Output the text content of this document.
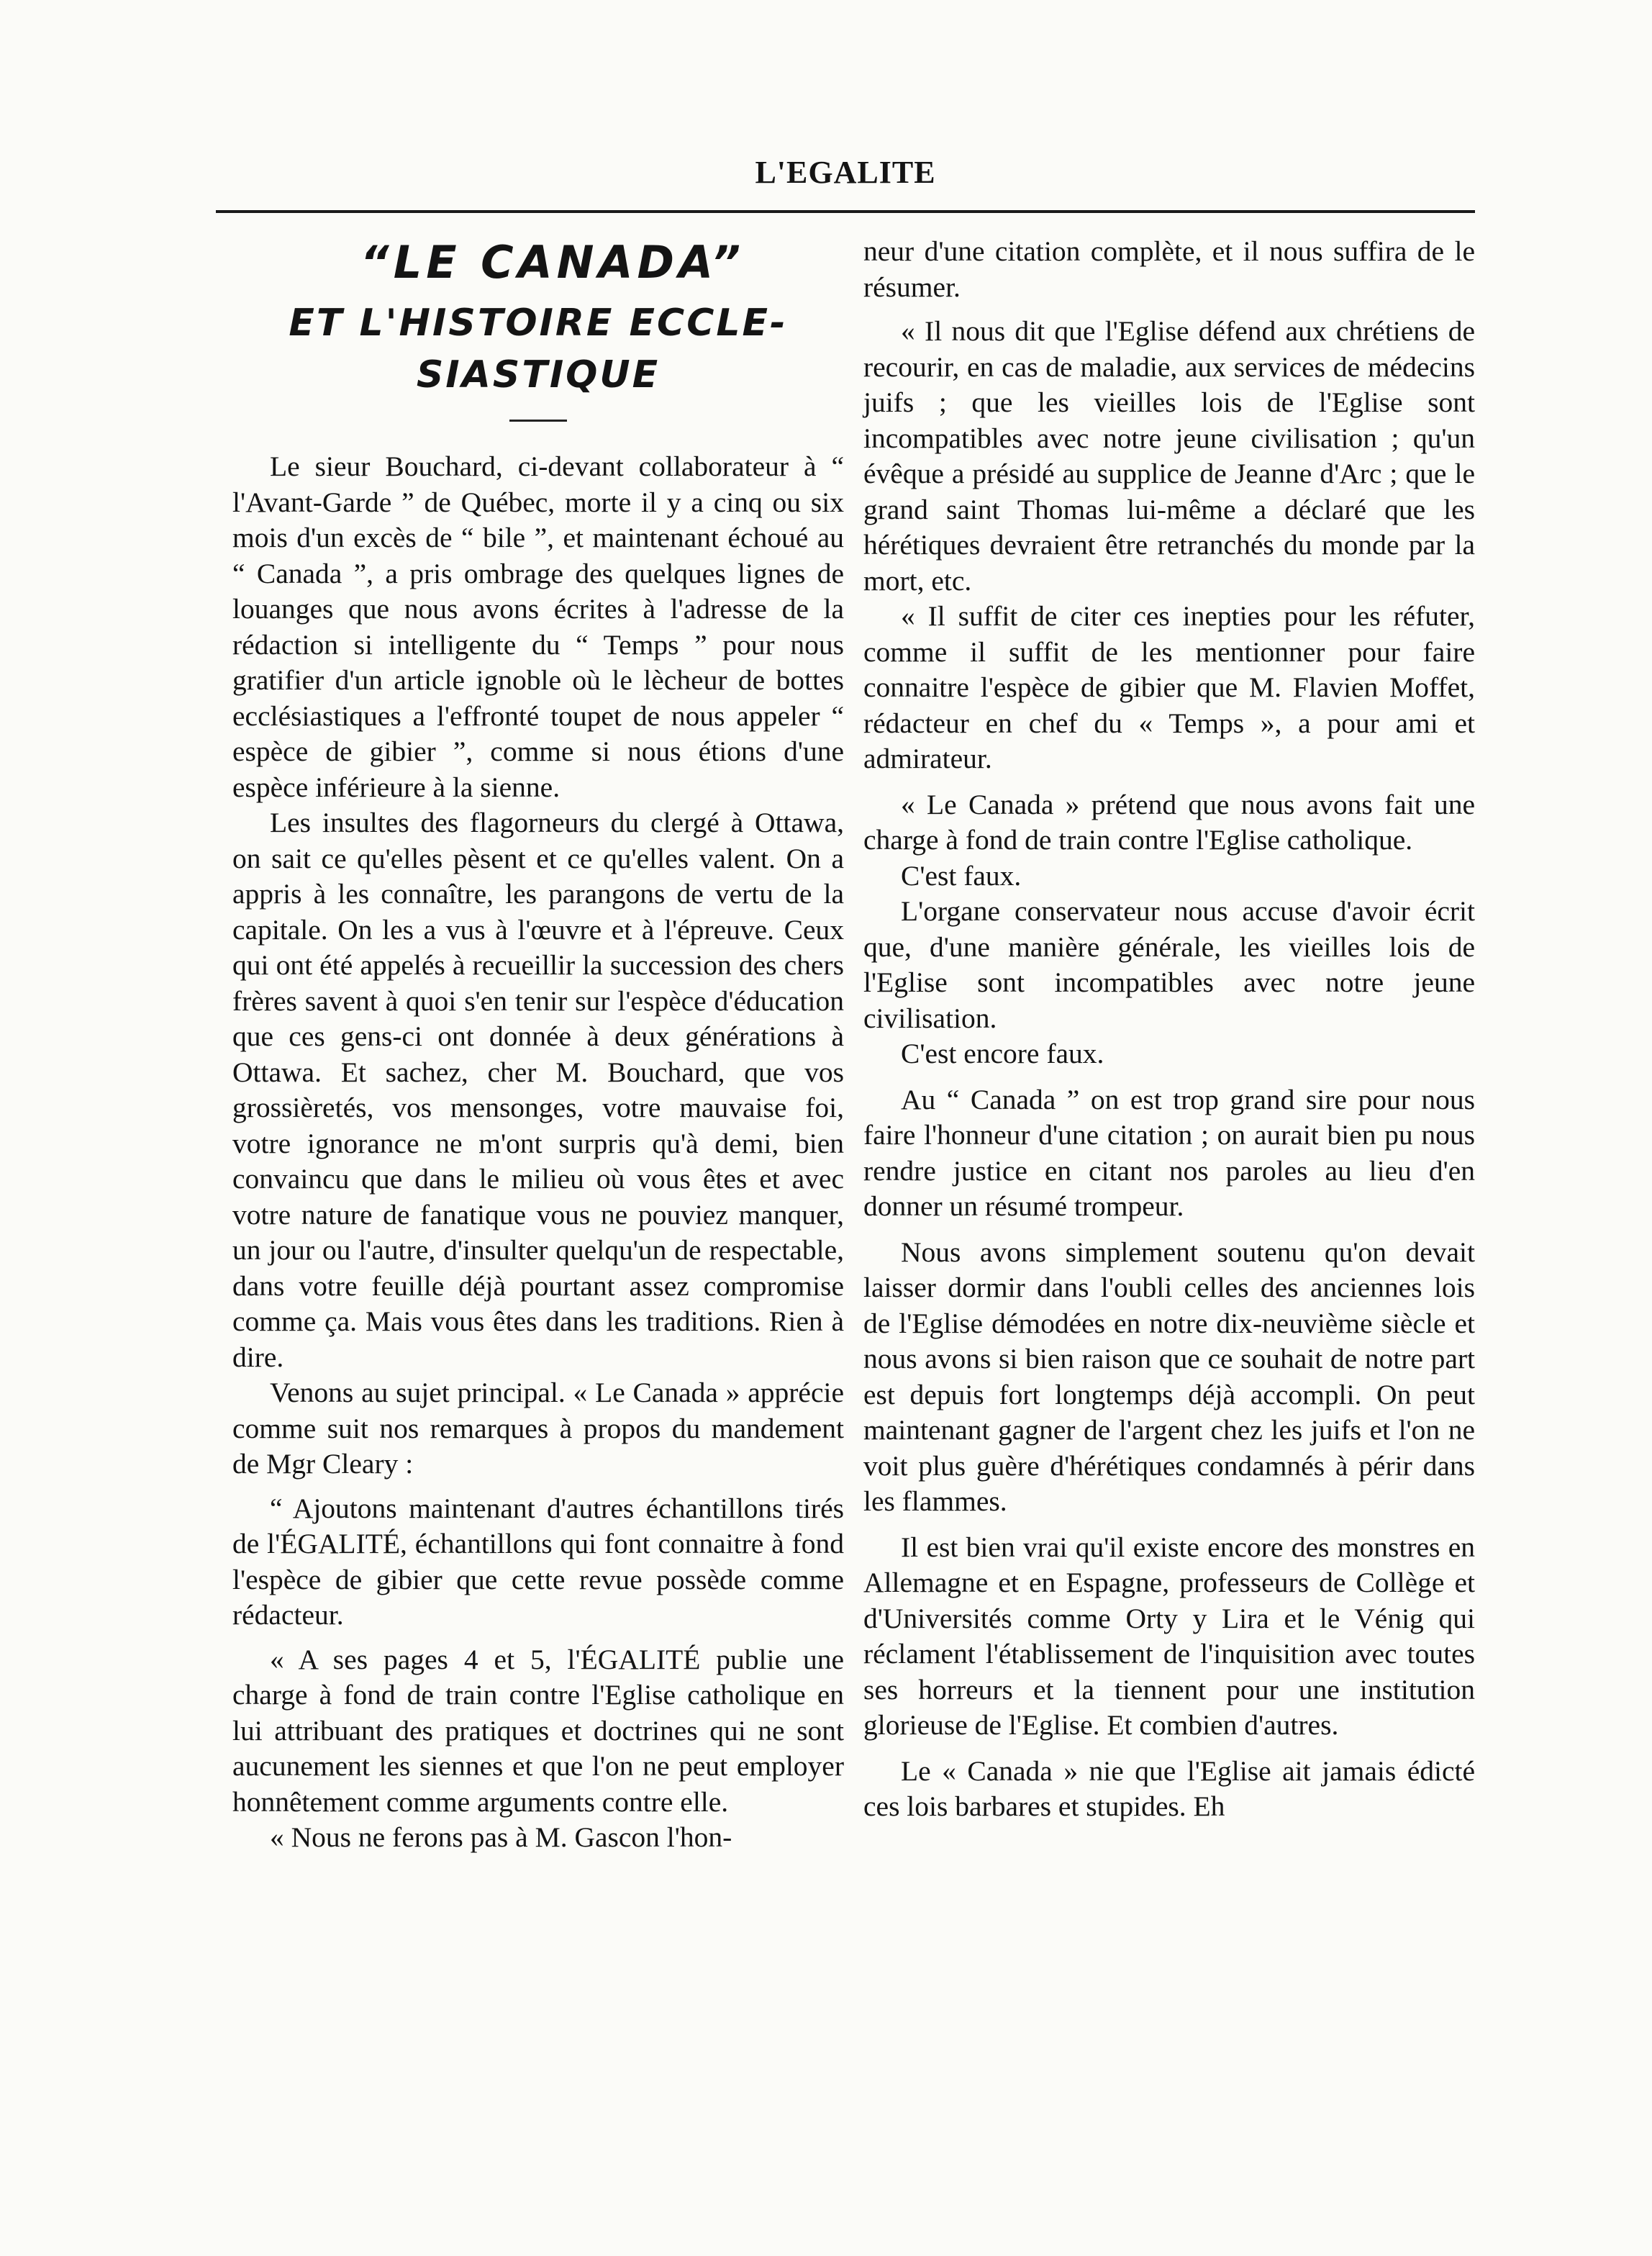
L'EGALITE
“LE CANADA”
ET L'HISTOIRE ECCLE-
SIASTIQUE

Le sieur Bouchard, ci-devant collaborateur à “ l'Avant-Garde ” de Québec, morte il y a cinq ou six mois d'un excès de “ bile ”, et maintenant échoué au “ Canada ”, a pris ombrage des quelques lignes de louanges que nous avons écrites à l'adresse de la rédaction si intelligente du “ Temps ” pour nous gratifier d'un article ignoble où le lècheur de bottes ecclésiastiques a l'effronté toupet de nous appeler “ espèce de gibier ”, comme si nous étions d'une espèce inférieure à la sienne.

Les insultes des flagorneurs du clergé à Ottawa, on sait ce qu'elles pèsent et ce qu'elles valent. On a appris à les connaître, les parangons de vertu de la capitale. On les a vus à l'œuvre et à l'épreuve. Ceux qui ont été appelés à recueillir la succession des chers frères savent à quoi s'en tenir sur l'espèce d'éducation que ces gens-ci ont donnée à deux générations à Ottawa. Et sachez, cher M. Bouchard, que vos grossièretés, vos mensonges, votre mauvaise foi, votre ignorance ne m'ont surpris qu'à demi, bien convaincu que dans le milieu où vous êtes et avec votre nature de fanatique vous ne pouviez manquer, un jour ou l'autre, d'insulter quelqu'un de respectable, dans votre feuille déjà pourtant assez compromise comme ça. Mais vous êtes dans les traditions. Rien à dire.

Venons au sujet principal. « Le Canada » apprécie comme suit nos remarques à propos du mandement de Mgr Cleary :

“ Ajoutons maintenant d'autres échantillons tirés de l'ÉGALITÉ, échantillons qui font connaitre à fond l'espèce de gibier que cette revue possède comme rédacteur.

« A ses pages 4 et 5, l'ÉGALITÉ publie une charge à fond de train contre l'Eglise catholique en lui attribuant des pratiques et doctrines qui ne sont aucunement les siennes et que l'on ne peut employer honnêtement comme arguments contre elle.

« Nous ne ferons pas à M. Gascon l'hon-

neur d'une citation complète, et il nous suffira de le résumer.

« Il nous dit que l'Eglise défend aux chrétiens de recourir, en cas de maladie, aux services de médecins juifs ; que les vieilles lois de l'Eglise sont incompatibles avec notre jeune civilisation ; qu'un évêque a présidé au supplice de Jeanne d'Arc ; que le grand saint Thomas lui-même a déclaré que les hérétiques devraient être retranchés du monde par la mort, etc.

« Il suffit de citer ces inepties pour les réfuter, comme il suffit de les mentionner pour faire connaitre l'espèce de gibier que M. Flavien Moffet, rédacteur en chef du « Temps », a pour ami et admirateur.

« Le Canada » prétend que nous avons fait une charge à fond de train contre l'Eglise catholique.

C'est faux.

L'organe conservateur nous accuse d'avoir écrit que, d'une manière générale, les vieilles lois de l'Eglise sont incompatibles avec notre jeune civilisation.

C'est encore faux.

Au “ Canada ” on est trop grand sire pour nous faire l'honneur d'une citation ; on aurait bien pu nous rendre justice en citant nos paroles au lieu d'en donner un résumé trompeur.

Nous avons simplement soutenu qu'on devait laisser dormir dans l'oubli celles des anciennes lois de l'Eglise démodées en notre dix-neuvième siècle et nous avons si bien raison que ce souhait de notre part est depuis fort longtemps déjà accompli. On peut maintenant gagner de l'argent chez les juifs et l'on ne voit plus guère d'hérétiques condamnés à périr dans les flammes.

Il est bien vrai qu'il existe encore des monstres en Allemagne et en Espagne, professeurs de Collège et d'Universités comme Orty y Lira et le Vénig qui réclament l'établissement de l'inquisition avec toutes ses horreurs et la tiennent pour une institution glorieuse de l'Eglise. Et combien d'autres.

Le « Canada » nie que l'Eglise ait jamais édicté ces lois barbares et stupides. Eh
